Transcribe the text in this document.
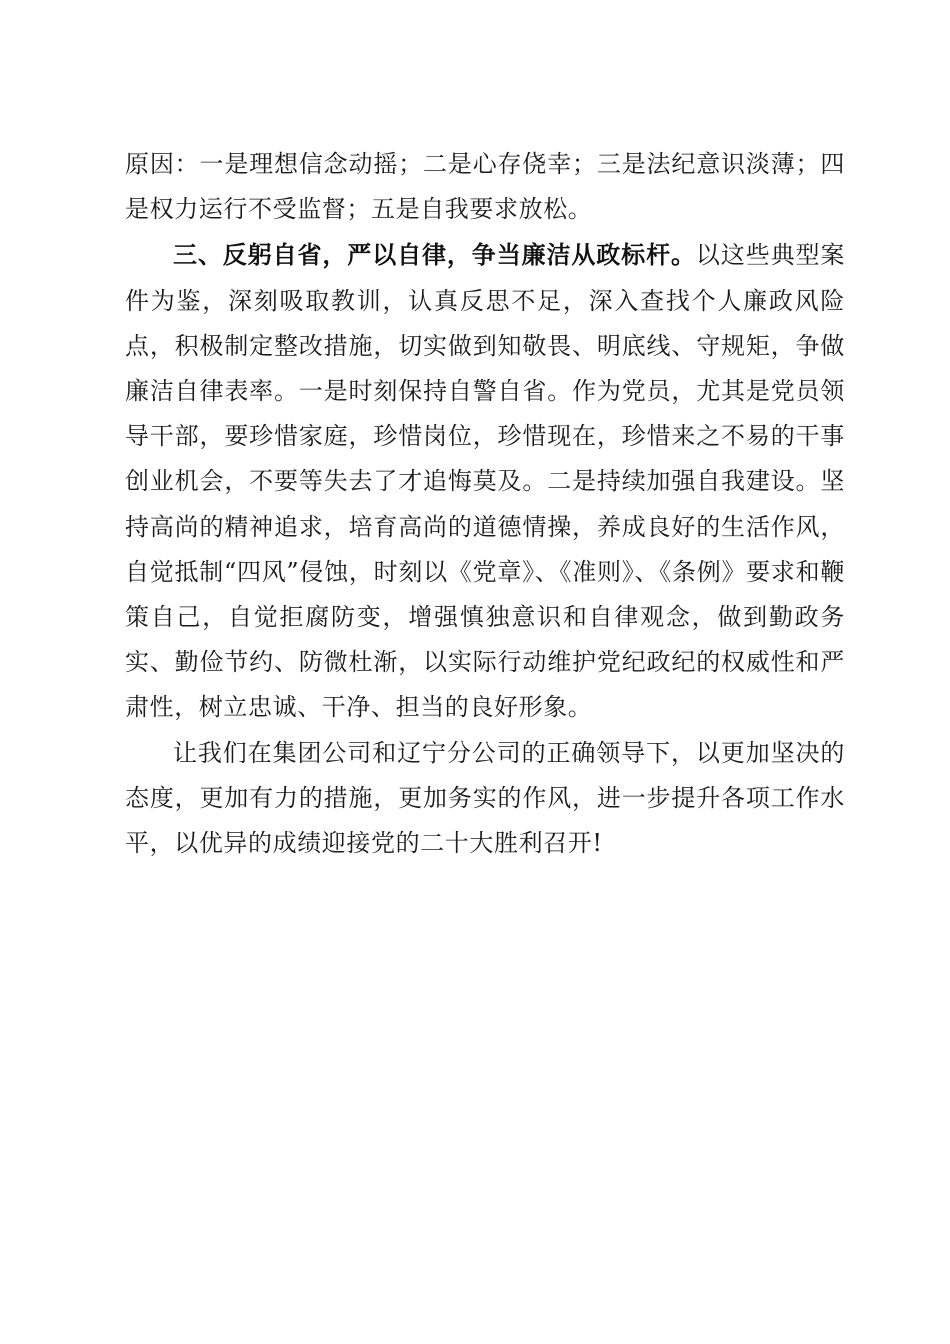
原因：一是理想信念动摇；二是心存侥幸；三是法纪意识淡薄；四是权力运行不受监督；五是自我要求放松。

三、反躬自省，严以自律，争当廉洁从政标杆。以这些典型案件为鉴，深刻吸取教训，认真反思不足，深入查找个人廉政风险点，积极制定整改措施，切实做到知敬畏、明底线、守规矩，争做廉洁自律表率。一是时刻保持自警自省。作为党员，尤其是党员领导干部，要珍惜家庭，珍惜岗位，珍惜现在，珍惜来之不易的干事创业机会，不要等失去了才追悔莫及。二是持续加强自我建设。坚持高尚的精神追求，培育高尚的道德情操，养成良好的生活作风，自觉抵制“四风”侵蚀，时刻以《党章》、《准则》、《条例》要求和鞭策自己，自觉拒腐防变，增强慎独意识和自律观念，做到勤政务实、勤俭节约、防微杜渐，以实际行动维护党纪政纪的权威性和严肃性，树立忠诚、干净、担当的良好形象。

让我们在集团公司和辽宁分公司的正确领导下，以更加坚决的态度，更加有力的措施，更加务实的作风，进一步提升各项工作水平，以优异的成绩迎接党的二十大胜利召开!
